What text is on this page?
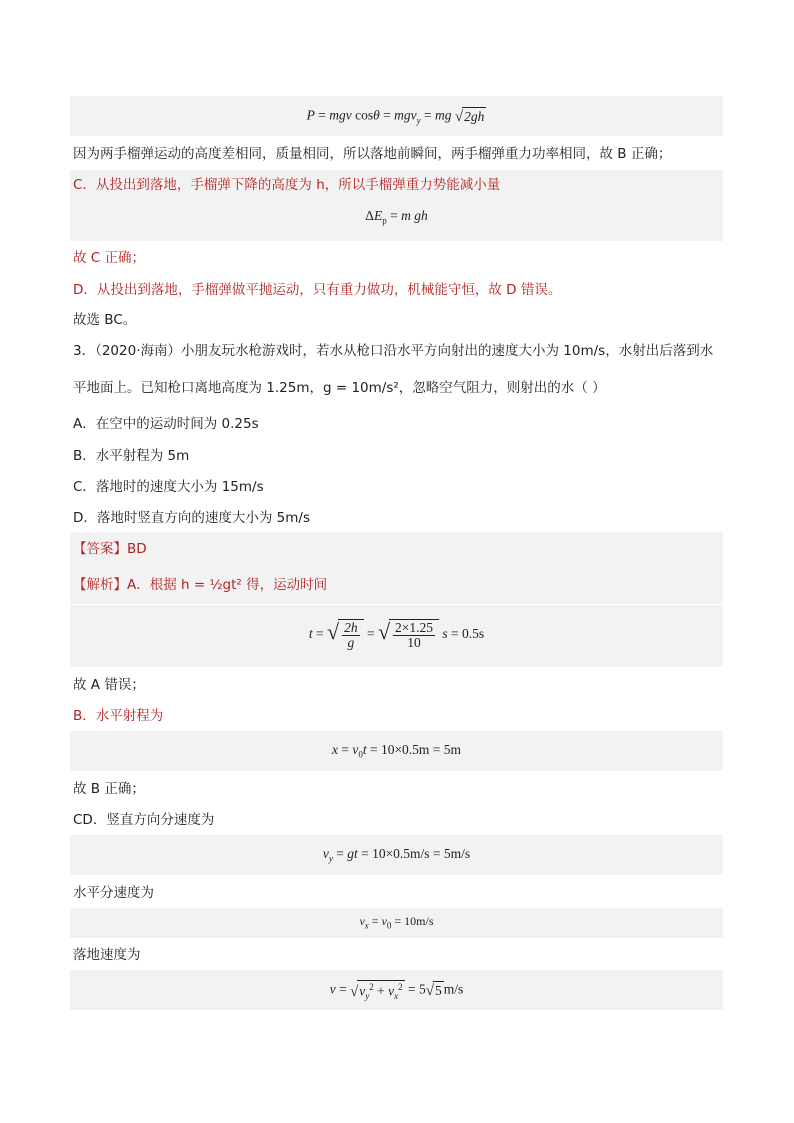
P = mgv cosθ = mgv$_y$ = mg √2gh
因为两手榴弹运动的高度差相同，质量相同，所以落地前瞬间，两手榴弹重力功率相同，故 B 正确；
C．从投出到落地，手榴弹下降的高度为 h，所以手榴弹重力势能减小量
$\Delta E_p = m$ gh
故 C 正确；
D．从投出到落地，手榴弹做平抛运动，只有重力做功，机械能守恒，故 D 错误。
故选 BC。
3．（2020·海南）小朋友玩水枪游戏时，若水从枪口沿水平方向射出的速度大小为 10m/s，水射出后落到水
平地面上。已知枪口离地高度为 1.25m，g = 10m/s²，忽略空气阻力，则射出的水（ ）
A．在空中的运动时间为 0.25s
B．水平射程为 5m
C．落地时的速度大小为 15m/s
D．落地时竖直方向的速度大小为 5m/s
【答案】BD
【解析】A．根据 h = ½gt² 得，运动时间
t = √ $\frac{2h}{g}$ = √ $\frac{2\times 1.25}{10}$ s = 0.5s
故 A 错误；
B．水平射程为
$x = v_0t = 10\times 0.5m = 5m$
故 B 正确；
CD．竖直方向分速度为
$v_y$ = gt = 10×0.5m/s = 5m/s
水平分速度为
$v_x = v_0 = 10m/s$
落地速度为
$v = √v_y^2 + v_x^2 = 5√5$ m/s
